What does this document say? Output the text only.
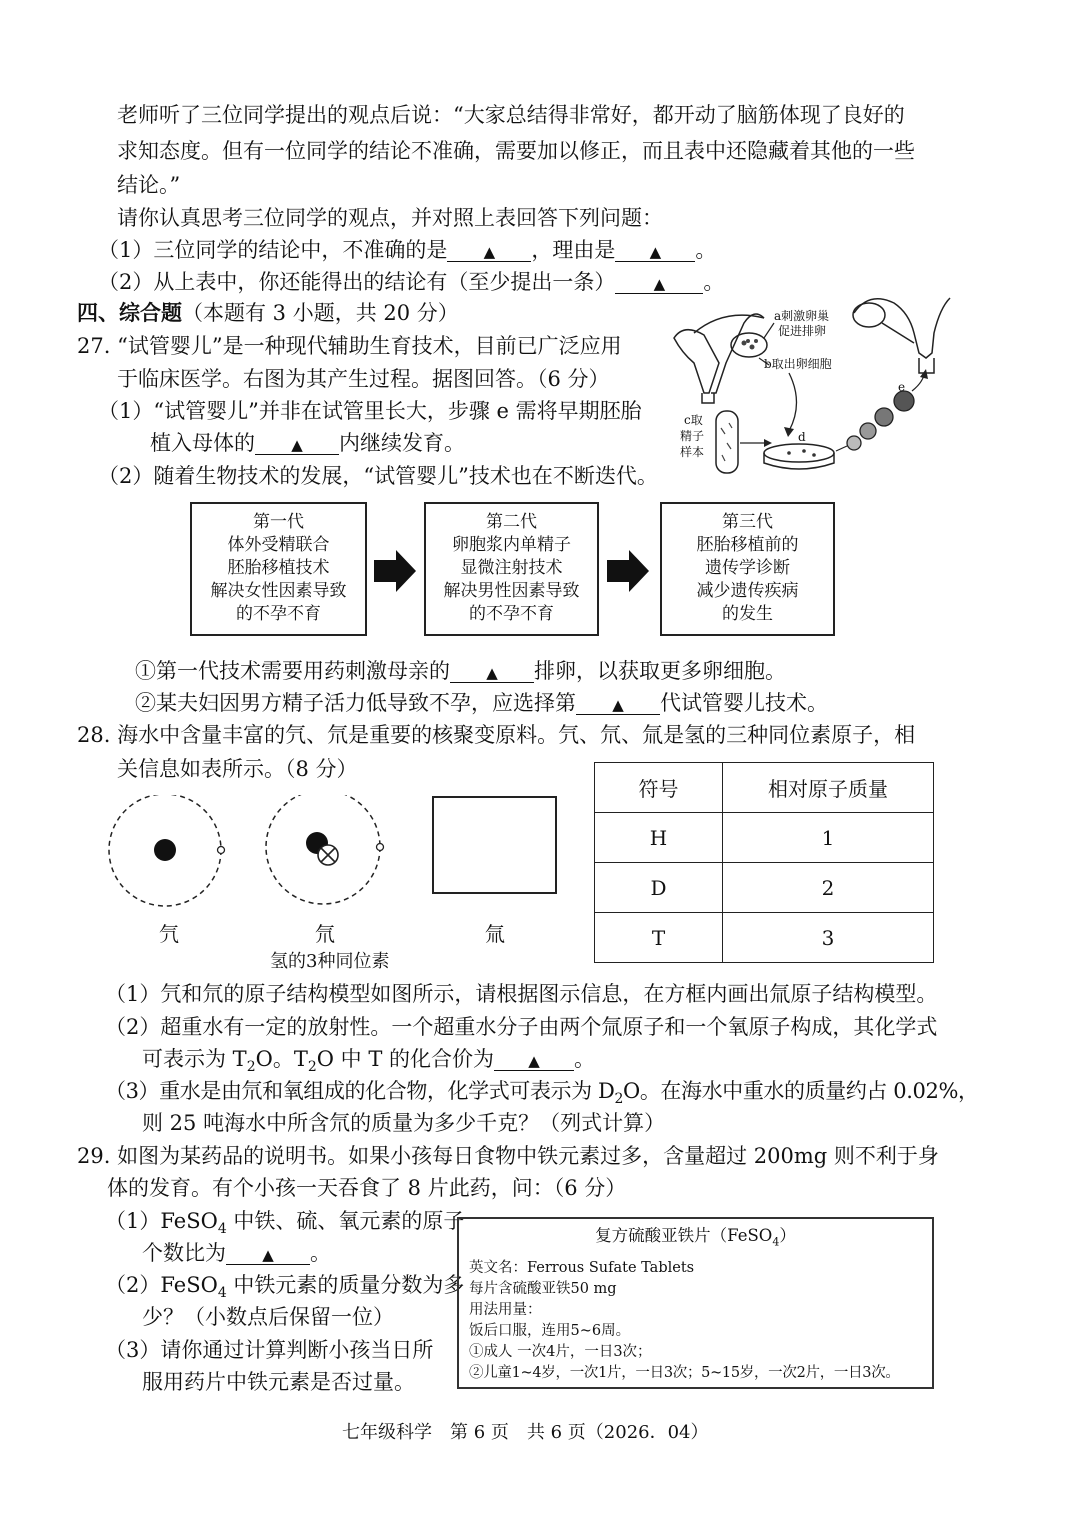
老师听了三位同学提出的观点后说：“大家总结得非常好，都开动了脑筋体现了良好的
求知态度。但有一位同学的结论不准确，需要加以修正，而且表中还隐藏着其他的一些
结论。”
请你认真思考三位同学的观点，并对照上表回答下列问题：
（1）三位同学的结论中，不准确的是 ▲ ，理由是 ▲ 。
（2）从上表中，你还能得出的结论有（至少提出一条）	▲ 。
四、综合题（本题有 3 小题，共 20 分）
27. “试管婴儿”是一种现代辅助生育技术，目前已广泛应用
于临床医学。右图为其产生过程。据图回答。（6 分）
（1）“试管婴儿”并非在试管里长大，步骤 e 需将早期胚胎
植入母体的 ▲ 内继续发育。
（2）随着生物技术的发展，“试管婴儿”技术也在不断迭代。
a刺激卵巢
促进排卵
b取出卵细胞
c取
精子
样本
d
e
第一代
体外受精联合
胚胎移植技术
解决女性因素导致
的不孕不育
第二代
卵胞浆内单精子
显微注射技术
解决男性因素导致
的不孕不育
第三代
胚胎移植前的
遗传学诊断
减少遗传疾病
的发生
①第一代技术需要用药刺激母亲的 ▲ 排卵，以获取更多卵细胞。
②某夫妇因男方精子活力低导致不孕，应选择第 ▲ 代试管婴儿技术。
28. 海水中含量丰富的氕、氘是重要的核聚变原料。氕、氘、氚是氢的三种同位素原子，相
关信息如表所示。（8 分）
氕	氘	氚
氢的3种同位素
符号	相对原子质量
H	1
D	2
T	3
（1）氕和氘的原子结构模型如图所示，请根据图示信息，在方框内画出氚原子结构模型。
（2）超重水有一定的放射性。一个超重水分子由两个氚原子和一个氧原子构成，其化学式
可表示为 $T_2O$。$T_2O$ 中 T 的化合价为 ▲ 。
（3）重水是由氘和氧组成的化合物，化学式可表示为 $D_2O$。在海水中重水的质量约占 0.02%，
则 25 吨海水中所含氘的质量为多少千克？（列式计算）
29. 如图为某药品的说明书。如果小孩每日食物中铁元素过多，含量超过 200mg 则不利于身
体的发育。有个小孩一天吞食了 8 片此药，问：（6 分）
（1）FeSO$_4$ 中铁、硫、氧元素的原子
个数比为 ▲ 。
（2）FeSO$_4$ 中铁元素的质量分数为多
少？（小数点后保留一位）
（3）请你通过计算判断小孩当日所
服用药片中铁元素是否过量。
复方硫酸亚铁片（FeSO$_4$）
英文名：Ferrous Sufate Tablets
每片含硫酸亚铁50 mg
用法用量：
饭后口服，连用5~6周。
①成人 一次4片，一日3次；
②儿童1~4岁，一次1片，一日3次；5~15岁，一次2片，一日3次。
七年级科学　第 6 页　共 6 页（2026．04）
